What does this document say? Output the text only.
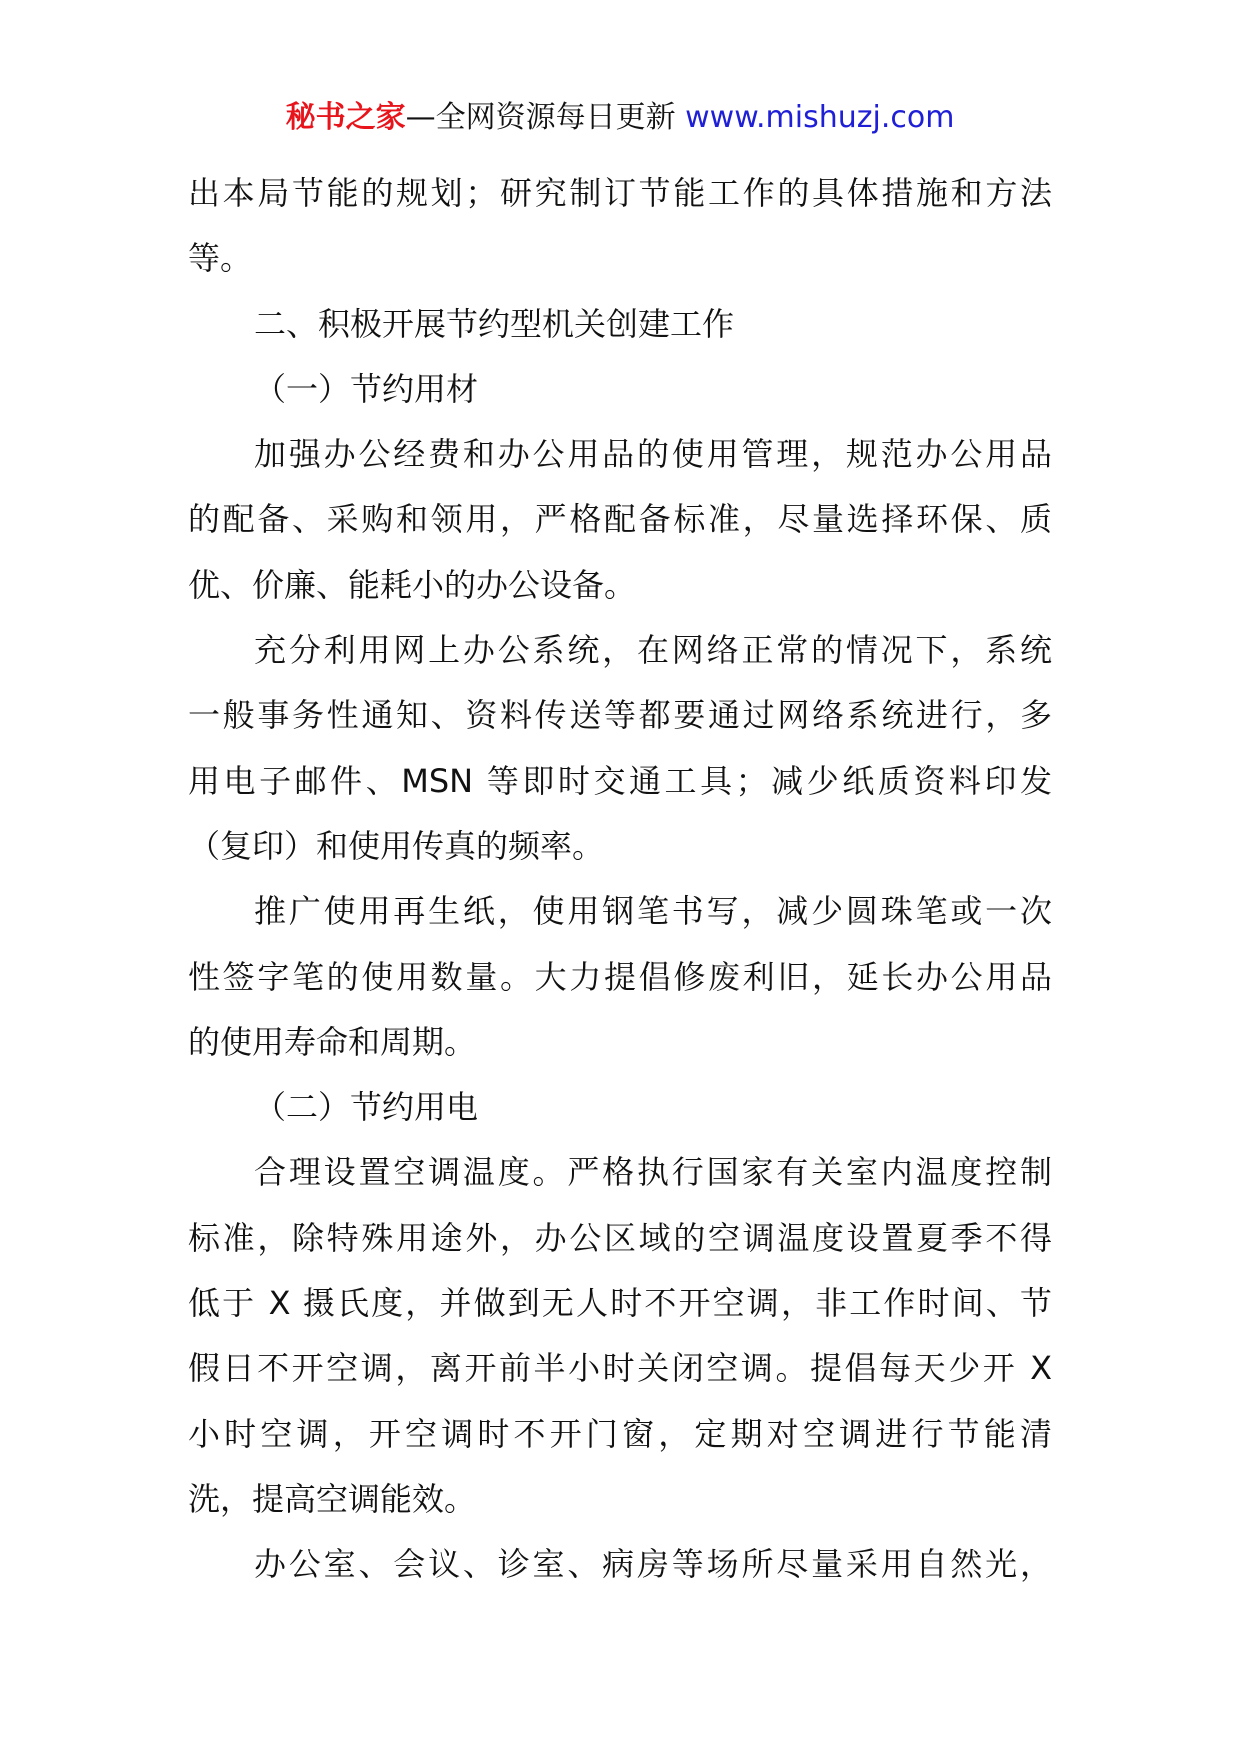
秘书之家—全网资源每日更新 www.mishuzj.com
出本局节能的规划；研究制订节能工作的具体措施和方法
等。
二、积极开展节约型机关创建工作
（一）节约用材
加强办公经费和办公用品的使用管理，规范办公用品
的配备、采购和领用，严格配备标准，尽量选择环保、质
优、价廉、能耗小的办公设备。
充分利用网上办公系统，在网络正常的情况下，系统
一般事务性通知、资料传送等都要通过网络系统进行，多
用电子邮件、MSN 等即时交通工具；减少纸质资料印发
（复印）和使用传真的频率。
推广使用再生纸，使用钢笔书写，减少圆珠笔或一次
性签字笔的使用数量。大力提倡修废利旧，延长办公用品
的使用寿命和周期。
（二）节约用电
合理设置空调温度。严格执行国家有关室内温度控制
标准，除特殊用途外，办公区域的空调温度设置夏季不得
低于 X 摄氏度，并做到无人时不开空调，非工作时间、节
假日不开空调，离开前半小时关闭空调。提倡每天少开 X
小时空调，开空调时不开门窗，定期对空调进行节能清
洗，提高空调能效。
办公室、会议、诊室、病房等场所尽量采用自然光，
